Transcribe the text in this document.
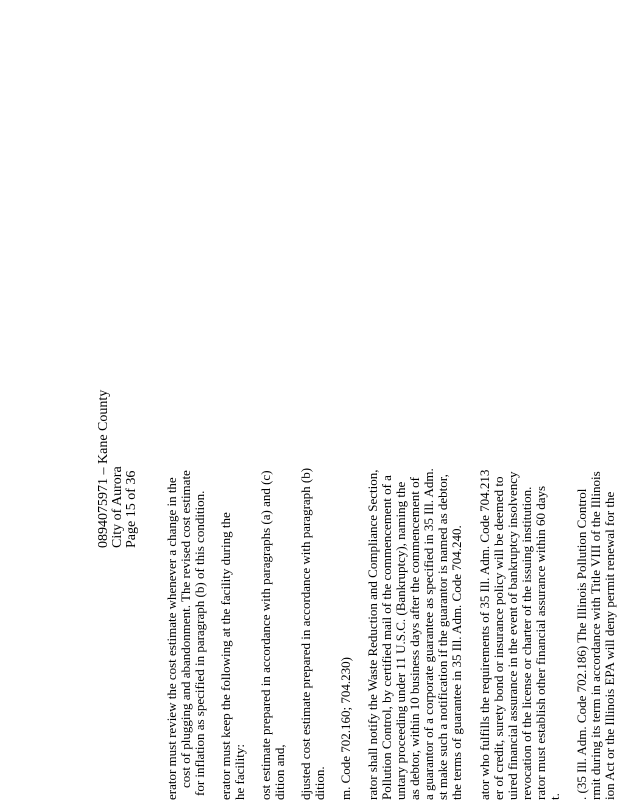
0894075971 – Kane County City of Aurora Page 15 of 36 erator must review the cost estimate whenever a change in the cost of plugging and abandonment. The revised cost estimate for inflation as specified in paragraph (b) of this condition. erator must keep the following at the facility during the he facility: ost estimate prepared in accordance with paragraphs (a) and (c) dition and, djusted cost estimate prepared in accordance with paragraph (b) dition. m. Code 702.160; 704.230) rator shall notify the Waste Reduction and Compliance Section, Pollution Control, by certified mail of the commencement of a untary proceeding under 11 U.S.C. (Bankruptcy), naming the as debtor, within 10 business days after the commencement of a guarantor of a corporate guarantee as specified in 35 Ill. Adm. st make such a notification if the guarantor is named as debtor, the terms of guarantee in 35 Ill. Adm. Code 704.240. ator who fulfills the requirements of 35 Ill. Adm. Code 704.213 er of credit, surety bond or insurance policy will be deemed to uired financial assurance in the event of bankruptcy insolvency revocation of the license or charter of the issuing institution. rator must establish other financial assurance within 60 days t. . (35 Ill. Adm. Code 702.186) The Illinois Pollution Control rmit during its term in accordance with Title VIII of the Illinois ion Act or the Illinois EPA will deny permit renewal for the
